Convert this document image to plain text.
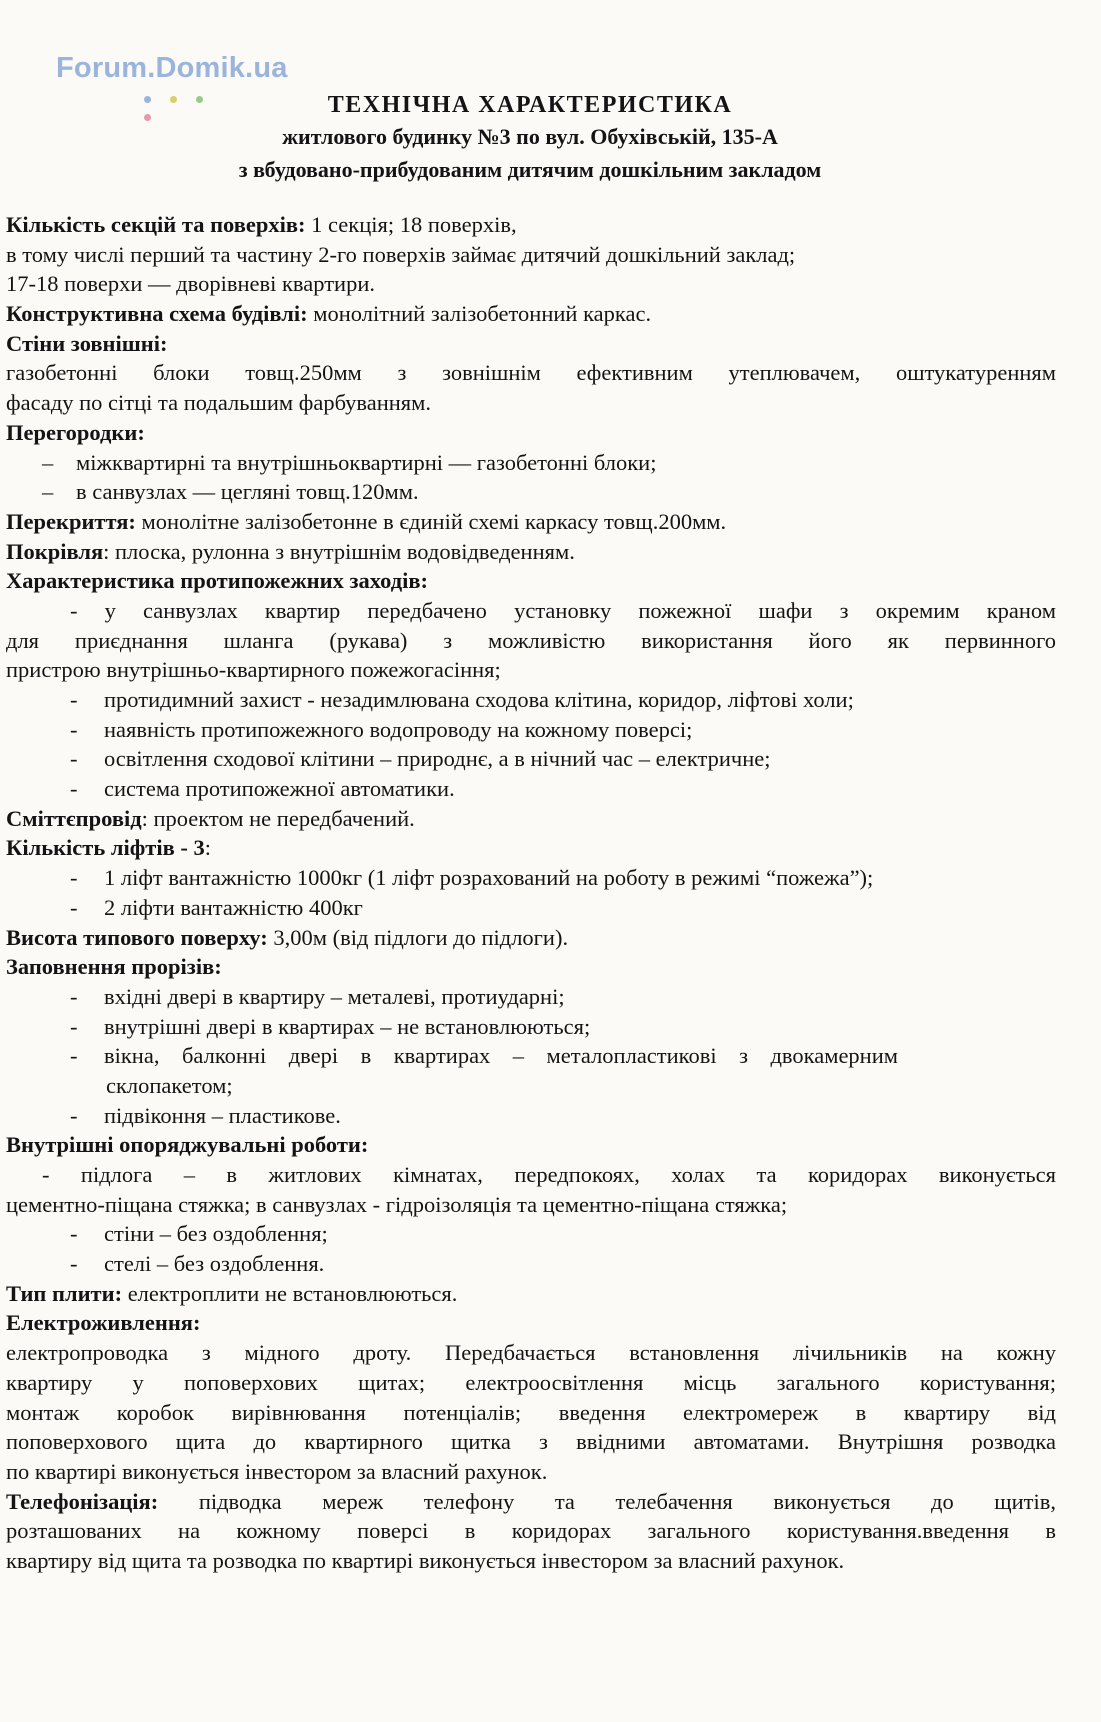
Forum.Domik.ua
ТЕХНІЧНА ХАРАКТЕРИСТИКА
житлового будинку №3 по вул. Обухівській, 135-А
з вбудовано-прибудованим дитячим дошкільним закладом
Кількість секцій та поверхів: 1 секція; 18 поверхів,
в тому числі перший та частину 2-го поверхів займає дитячий дошкільний заклад;
17-18 поверхи — дворівневі квартири.
Конструктивна схема будівлі: монолітний залізобетонний каркас.
Стіни зовнішні:
газобетонні блоки товщ.250мм з зовнішнім ефективним утеплювачем, оштукатуренням
фасаду по сітці та подальшим фарбуванням.
Перегородки:
– міжквартирні та внутрішньоквартирні — газобетонні блоки;
– в санвузлах — цегляні товщ.120мм.
Перекриття: монолітне залізобетонне в єдиній схемі каркасу товщ.200мм.
Покрівля: плоска, рулонна з внутрішнім водовідведенням.
Характеристика протипожежних заходів:
- у санвузлах квартир передбачено установку пожежної шафи з окремим краном
для приєднання шланга (рукава) з можливістю використання його як первинного
пристрою внутрішньо-квартирного пожежогасіння;
- протидимний захист - незадимлювана сходова клітина, коридор, ліфтові холи;
- наявність протипожежного водопроводу на кожному поверсі;
- освітлення сходової клітини – природнє, а в нічний час – електричне;
- система протипожежної автоматики.
Сміттєпровід: проектом не передбачений.
Кількість ліфтів - 3:
- 1 ліфт вантажністю 1000кг (1 ліфт розрахований на роботу в режимі “пожежа”);
- 2 ліфти вантажністю 400кг
Висота типового поверху: 3,00м (від підлоги до підлоги).
Заповнення прорізів:
- вхідні двері в квартиру – металеві, протиударні;
- внутрішні двері в квартирах – не встановлюються;
- вікна,    балконні    двері    в    квартирах    –    металопластикові    з    двокамерним
склопакетом;
- підвіконня – пластикове.
Внутрішні опоряджувальні роботи:
- підлога – в житлових кімнатах, передпокоях, холах та коридорах виконується
цементно-піщана стяжка; в санвузлах - гідроізоляція та цементно-піщана стяжка;
- стіни – без оздоблення;
- стелі – без оздоблення.
Тип плити: електроплити не встановлюються.
Електроживлення:
електропроводка з мідного дроту. Передбачається встановлення лічильників на кожну
квартиру у поповерхових щитах; електроосвітлення місць загального користування;
монтаж коробок вирівнювання потенціалів; введення електромереж в квартиру від
поповерхового щита до квартирного щитка з ввідними автоматами. Внутрішня розводка
по квартирі виконується інвестором за власний рахунок.
Телефонізація: підводка мереж телефону та телебачення виконується до щитів,
розташованих на кожному поверсі в коридорах загального користування.введення в
квартиру від щита та розводка по квартирі виконується інвестором за власний рахунок.
